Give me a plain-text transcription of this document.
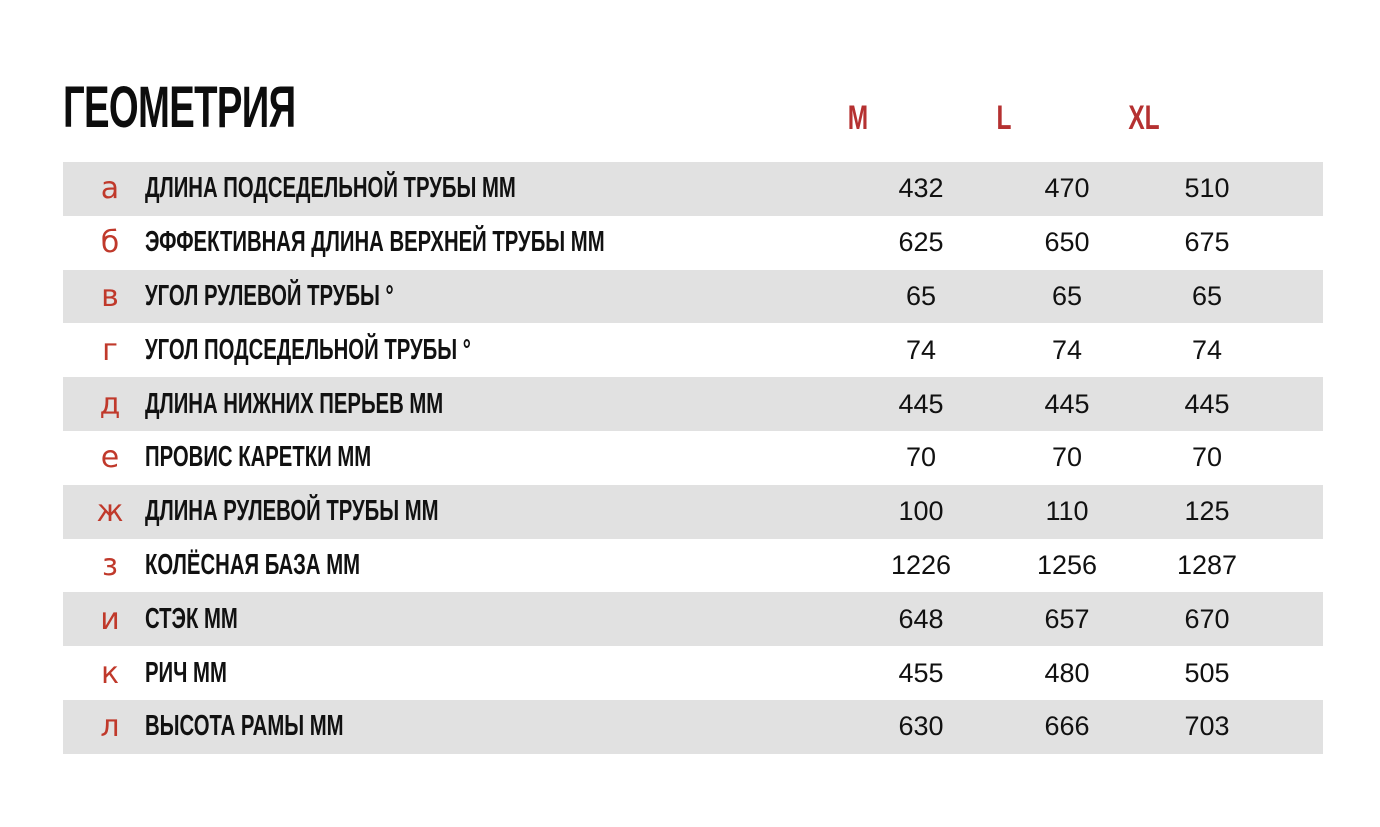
ГЕОМЕТРИЯ	M	L	XL
а ДЛИНА ПОДСЕДЕЛЬНОЙ ТРУБЫ ММ	432	470	510
б ЭФФЕКТИВНАЯ ДЛИНА ВЕРХНЕЙ ТРУБЫ ММ	625	650	675
в УГОЛ РУЛЕВОЙ ТРУБЫ °	65	65	65
г УГОЛ ПОДСЕДЕЛЬНОЙ ТРУБЫ °	74	74	74
д ДЛИНА НИЖНИХ ПЕРЬЕВ ММ	445	445	445
е ПРОВИС КАРЕТКИ ММ	70	70	70
ж ДЛИНА РУЛЕВОЙ ТРУБЫ ММ	100	110	125
з КОЛЁСНАЯ БАЗА ММ	1226	1256	1287
и СТЭК ММ	648	657	670
к РИЧ ММ	455	480	505
л ВЫСОТА РАМЫ ММ	630	666	703
